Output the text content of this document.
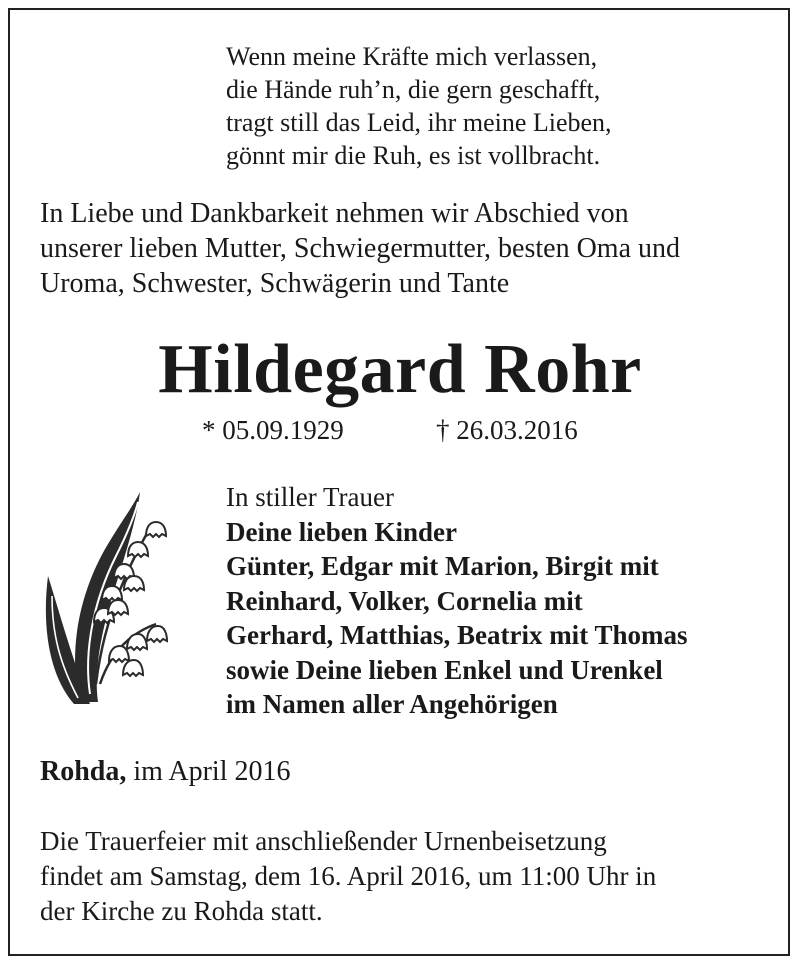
Wenn meine Kräfte mich verlassen,
die Hände ruh’n, die gern geschafft,
tragt still das Leid, ihr meine Lieben,
gönnt mir die Ruh, es ist vollbracht.
In Liebe und Dankbarkeit nehmen wir Abschied von
unserer lieben Mutter, Schwiegermutter, besten Oma und
Uroma, Schwester, Schwägerin und Tante
Hildegard Rohr
* 05.09.1929	† 26.03.2016
In stiller Trauer
Deine lieben Kinder
Günter, Edgar mit Marion, Birgit mit
Reinhard, Volker, Cornelia mit
Gerhard, Matthias, Beatrix mit Thomas
sowie Deine lieben Enkel und Urenkel
im Namen aller Angehörigen
Rohda, im April 2016
Die Trauerfeier mit anschließender Urnenbeisetzung
findet am Samstag, dem 16. April 2016, um 11:00 Uhr in
der Kirche zu Rohda statt.
